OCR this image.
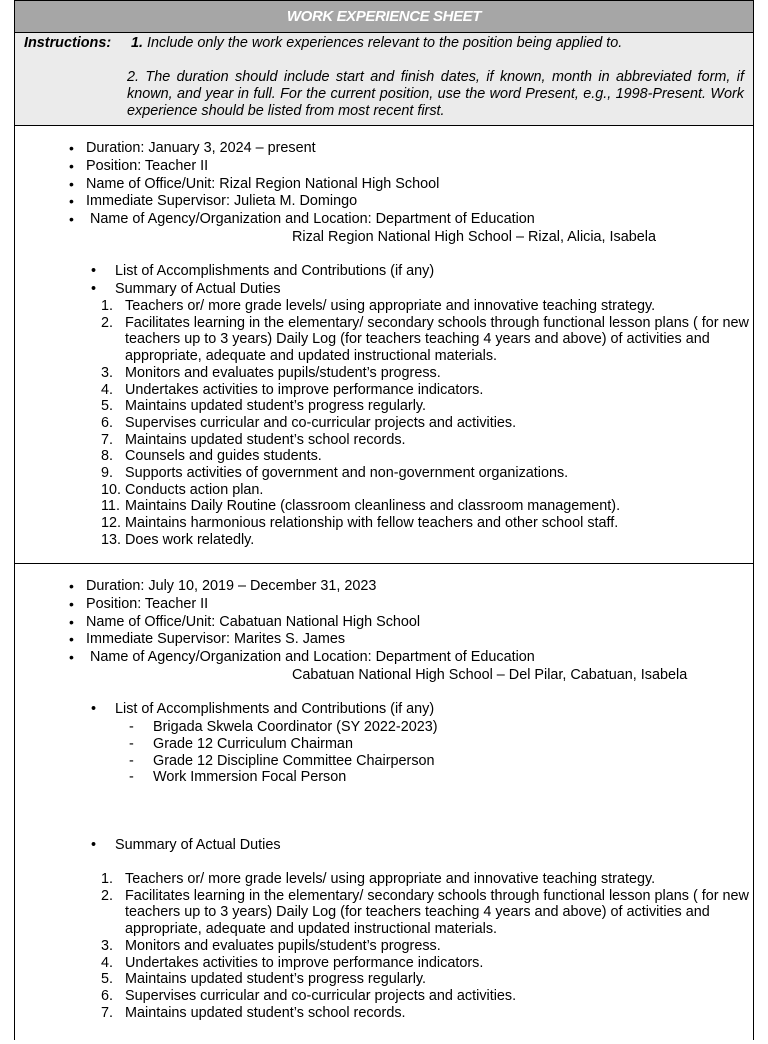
WORK EXPERIENCE SHEET
Instructions: 1. Include only the work experiences relevant to the position being applied to.
2. The duration should include start and finish dates, if known, month in abbreviated form, if known, and year in full. For the current position, use the word Present, e.g., 1998-Present. Work experience should be listed from most recent first.
• Duration: January 3, 2024 – present
• Position: Teacher II
• Name of Office/Unit: Rizal Region National High School
• Immediate Supervisor: Julieta M. Domingo
• Name of Agency/Organization and Location: Department of Education
Rizal Region National High School – Rizal, Alicia, Isabela
• List of Accomplishments and Contributions (if any)
• Summary of Actual Duties
1. Teachers or/ more grade levels/ using appropriate and innovative teaching strategy.
2. Facilitates learning in the elementary/ secondary schools through functional lesson plans ( for new teachers up to 3 years) Daily Log (for teachers teaching 4 years and above) of activities and appropriate, adequate and updated instructional materials.
3. Monitors and evaluates pupils/student’s progress.
4. Undertakes activities to improve performance indicators.
5. Maintains updated student’s progress regularly.
6. Supervises curricular and co-curricular projects and activities.
7. Maintains updated student’s school records.
8. Counsels and guides students.
9. Supports activities of government and non-government organizations.
10. Conducts action plan.
11. Maintains Daily Routine (classroom cleanliness and classroom management).
12. Maintains harmonious relationship with fellow teachers and other school staff.
13. Does work relatedly.
• Duration: July 10, 2019 – December 31, 2023
• Position: Teacher II
• Name of Office/Unit: Cabatuan National High School
• Immediate Supervisor: Marites S. James
• Name of Agency/Organization and Location: Department of Education
Cabatuan National High School – Del Pilar, Cabatuan, Isabela
• List of Accomplishments and Contributions (if any)
- Brigada Skwela Coordinator (SY 2022-2023)
- Grade 12 Curriculum Chairman
- Grade 12 Discipline Committee Chairperson
- Work Immersion Focal Person
• Summary of Actual Duties
1. Teachers or/ more grade levels/ using appropriate and innovative teaching strategy.
2. Facilitates learning in the elementary/ secondary schools through functional lesson plans ( for new teachers up to 3 years) Daily Log (for teachers teaching 4 years and above) of activities and appropriate, adequate and updated instructional materials.
3. Monitors and evaluates pupils/student’s progress.
4. Undertakes activities to improve performance indicators.
5. Maintains updated student’s progress regularly.
6. Supervises curricular and co-curricular projects and activities.
7. Maintains updated student’s school records.
